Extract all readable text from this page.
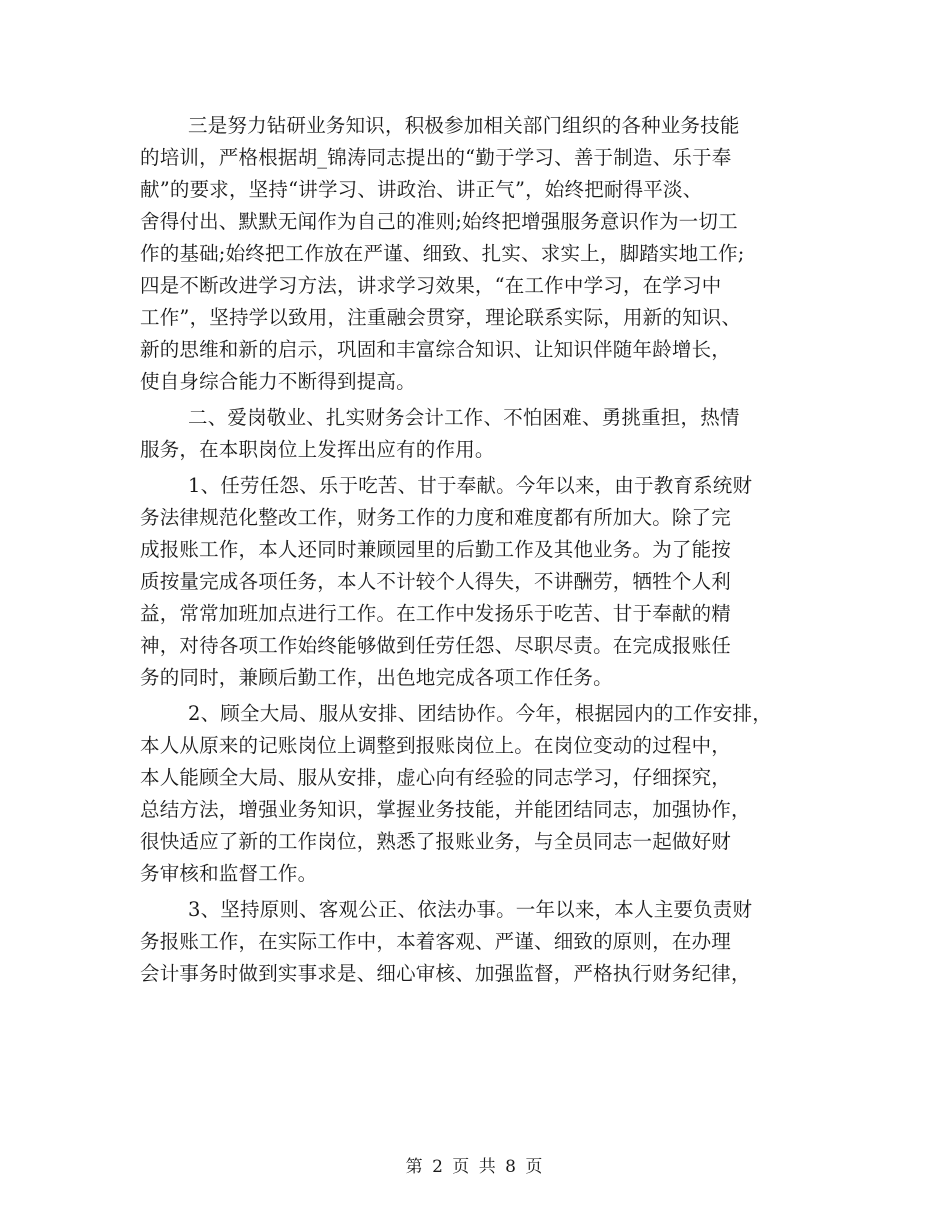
三是努力钻研业务知识，积极参加相关部门组织的各种业务技能
的培训，严格根据胡_锦涛同志提出的“勤于学习、善于制造、乐于奉
献”的要求，坚持“讲学习、讲政治、讲正气”，始终把耐得平淡、
舍得付出、默默无闻作为自己的准则;始终把增强服务意识作为一切工
作的基础;始终把工作放在严谨、细致、扎实、求实上，脚踏实地工作;
四是不断改进学习方法，讲求学习效果，“在工作中学习，在学习中
工作”，坚持学以致用，注重融会贯穿，理论联系实际，用新的知识、
新的思维和新的启示，巩固和丰富综合知识、让知识伴随年龄增长，
使自身综合能力不断得到提高。
二、爱岗敬业、扎实财务会计工作、不怕困难、勇挑重担，热情
服务，在本职岗位上发挥出应有的作用。
1、任劳任怨、乐于吃苦、甘于奉献。今年以来，由于教育系统财
务法律规范化整改工作，财务工作的力度和难度都有所加大。除了完
成报账工作，本人还同时兼顾园里的后勤工作及其他业务。为了能按
质按量完成各项任务，本人不计较个人得失，不讲酬劳，牺牲个人利
益，常常加班加点进行工作。在工作中发扬乐于吃苦、甘于奉献的精
神，对待各项工作始终能够做到任劳任怨、尽职尽责。在完成报账任
务的同时，兼顾后勤工作，出色地完成各项工作任务。
2、顾全大局、服从安排、团结协作。今年，根据园内的工作安排，
本人从原来的记账岗位上调整到报账岗位上。在岗位变动的过程中，
本人能顾全大局、服从安排，虚心向有经验的同志学习，仔细探究，
总结方法，增强业务知识，掌握业务技能，并能团结同志，加强协作，
很快适应了新的工作岗位，熟悉了报账业务，与全员同志一起做好财
务审核和监督工作。
3、坚持原则、客观公正、依法办事。一年以来，本人主要负责财
务报账工作，在实际工作中，本着客观、严谨、细致的原则，在办理
会计事务时做到实事求是、细心审核、加强监督，严格执行财务纪律，
第 2 页 共 8 页
